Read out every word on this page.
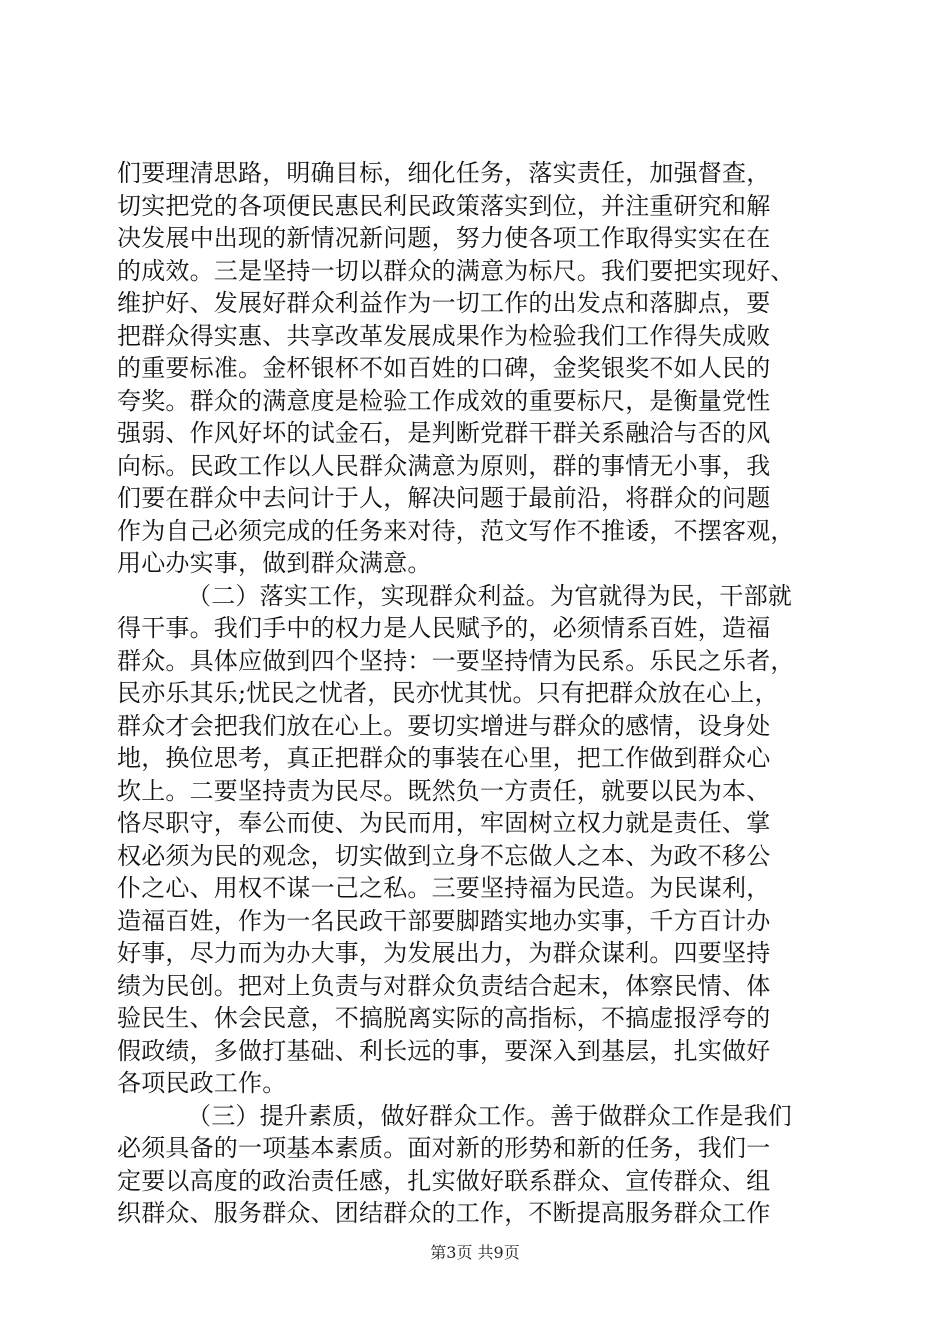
们要理清思路，明确目标，细化任务，落实责任，加强督查，
切实把党的各项便民惠民利民政策落实到位，并注重研究和解
决发展中出现的新情况新问题，努力使各项工作取得实实在在
的成效。三是坚持一切以群众的满意为标尺。我们要把实现好、
维护好、发展好群众利益作为一切工作的出发点和落脚点，要
把群众得实惠、共享改革发展成果作为检验我们工作得失成败
的重要标准。金杯银杯不如百姓的口碑，金奖银奖不如人民的
夸奖。群众的满意度是检验工作成效的重要标尺，是衡量党性
强弱、作风好坏的试金石，是判断党群干群关系融洽与否的风
向标。民政工作以人民群众满意为原则，群的事情无小事，我
们要在群众中去问计于人，解决问题于最前沿，将群众的问题
作为自己必须完成的任务来对待，范文写作不推诿，不摆客观，
用心办实事，做到群众满意。
（二）落实工作，实现群众利益。为官就得为民，干部就
得干事。我们手中的权力是人民赋予的，必须情系百姓，造福
群众。具体应做到四个坚持：一要坚持情为民系。乐民之乐者，
民亦乐其乐;忧民之忧者，民亦忧其忧。只有把群众放在心上，
群众才会把我们放在心上。要切实增进与群众的感情，设身处
地，换位思考，真正把群众的事装在心里，把工作做到群众心
坎上。二要坚持责为民尽。既然负一方责任，就要以民为本、
恪尽职守，奉公而使、为民而用，牢固树立权力就是责任、掌
权必须为民的观念，切实做到立身不忘做人之本、为政不移公
仆之心、用权不谋一己之私。三要坚持福为民造。为民谋利，
造福百姓，作为一名民政干部要脚踏实地办实事，千方百计办
好事，尽力而为办大事，为发展出力，为群众谋利。四要坚持
绩为民创。把对上负责与对群众负责结合起末，体察民情、体
验民生、休会民意，不搞脱离实际的高指标，不搞虚报浮夸的
假政绩，多做打基础、利长远的事，要深入到基层，扎实做好
各项民政工作。
（三）提升素质，做好群众工作。善于做群众工作是我们
必须具备的一项基本素质。面对新的形势和新的任务，我们一
定要以高度的政治责任感，扎实做好联系群众、宣传群众、组
织群众、服务群众、团结群众的工作，不断提高服务群众工作
第3页 共9页
